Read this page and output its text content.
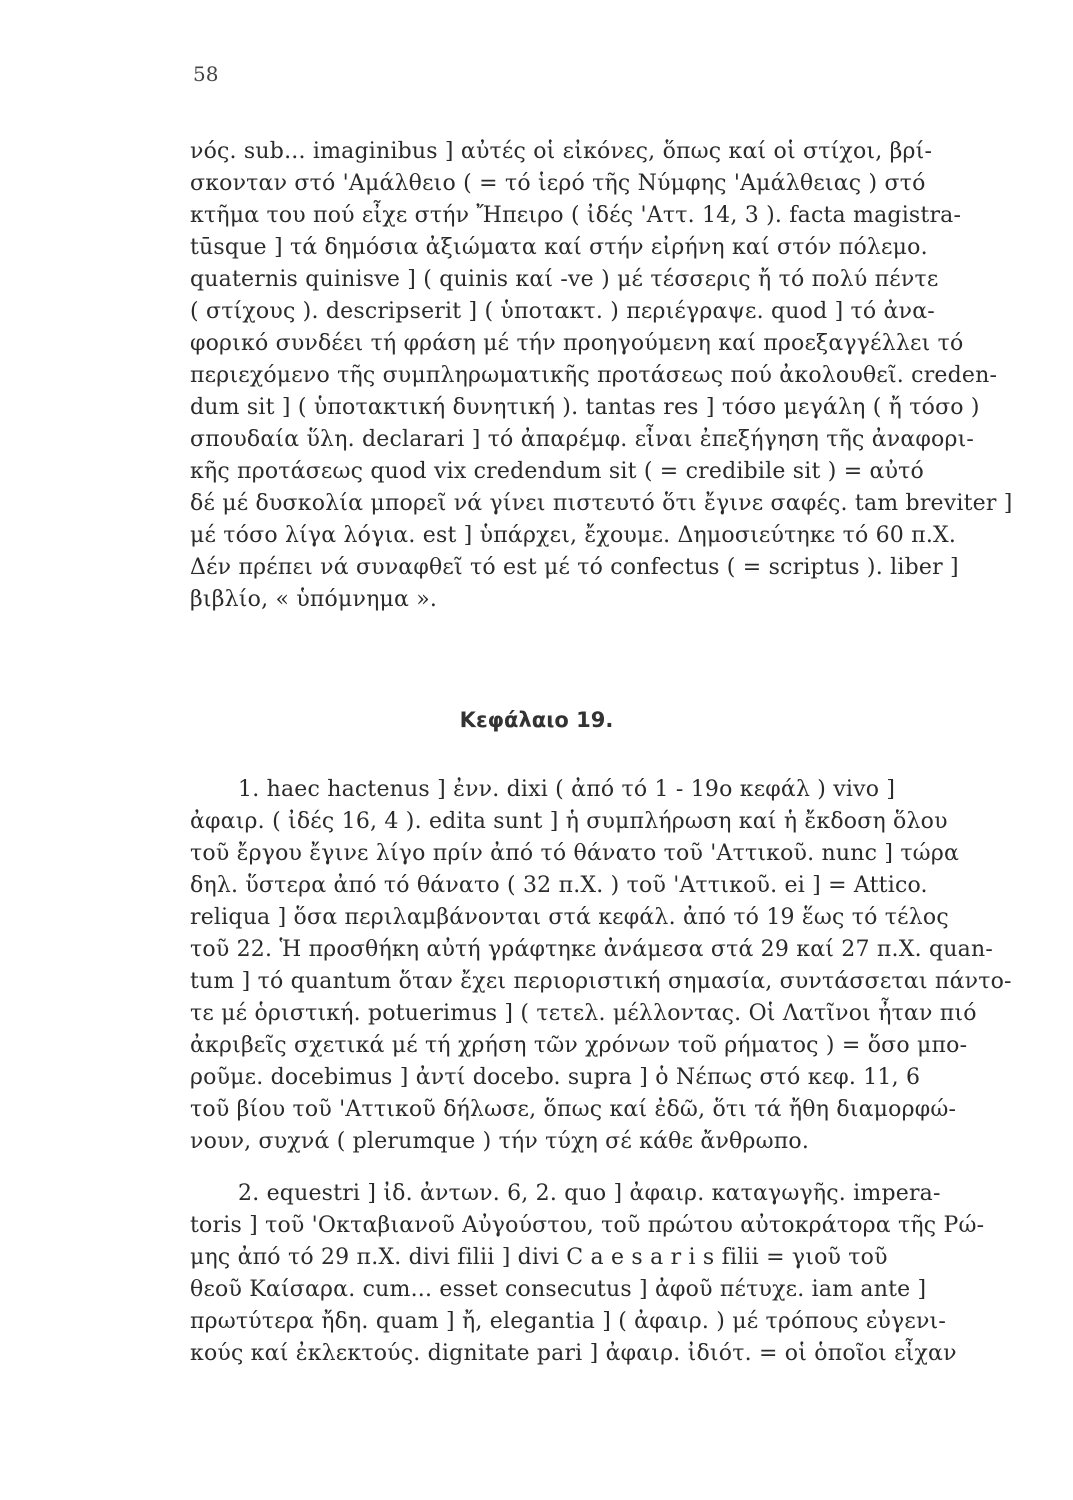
58
νός. sub... imaginibus ] αὐτές οἱ εἰκόνες, ὅπως καί οἱ στίχοι, βρί-
σκονταν στό 'Αμάλθειο ( = τό ἱερό τῆς Νύμφης 'Αμάλθειας ) στό
κτῆμα του πού εἶχε στήν Ἤπειρο ( ἰδές 'Αττ. 14, 3 ). facta magistra-
tūsque ] τά δημόσια ἀξιώματα καί στήν εἰρήνη καί στόν πόλεμο.
quaternis quinisve ] ( quinis καί -ve ) μέ τέσσερις ἤ τό πολύ πέντε
( στίχους ). descripserit ] ( ὑποτακτ. ) περιέγραψε. quod ] τό ἀνα-
φορικό συνδέει τή φράση μέ τήν προηγούμενη καί προεξαγγέλλει τό
περιεχόμενο τῆς συμπληρωματικῆς προτάσεως πού ἀκολουθεῖ. creden-
dum sit ] ( ὑποτακτική δυνητική ). tantas res ] τόσο μεγάλη ( ἤ τόσο )
σπουδαία ὕλη. declarari ] τό ἀπαρέμφ. εἶναι ἐπεξήγηση τῆς ἀναφορι-
κῆς προτάσεως quod vix credendum sit ( = credibile sit ) = αὐτό
δέ μέ δυσκολία μπορεῖ νά γίνει πιστευτό ὅτι ἔγινε σαφές. tam breviter ]
μέ τόσο λίγα λόγια. est ] ὑπάρχει, ἔχουμε. Δημοσιεύτηκε τό 60 π.Χ.
Δέν πρέπει νά συναφθεῖ τό est μέ τό confectus ( = scriptus ). liber ]
βιβλίο, « ὑπόμνημα ».
Κεφάλαιο 19.
1. haec hactenus ] ἐνν. dixi ( ἀπό τό 1 - 19ο κεφάλ ) vivo ]
ἀφαιρ. ( ἰδές 16, 4 ). edita sunt ] ἡ συμπλήρωση καί ἡ ἔκδοση ὅλου
τοῦ ἔργου ἔγινε λίγο πρίν ἀπό τό θάνατο τοῦ 'Αττικοῦ. nunc ] τώρα
δηλ. ὕστερα ἀπό τό θάνατο ( 32 π.Χ. ) τοῦ 'Αττικοῦ. ei ] = Attico.
reliqua ] ὅσα περιλαμβάνονται στά κεφάλ. ἀπό τό 19 ἕως τό τέλος
τοῦ 22. Ἡ προσθήκη αὐτή γράφτηκε ἀνάμεσα στά 29 καί 27 π.Χ. quan-
tum ] τό quantum ὅταν ἔχει περιοριστική σημασία, συντάσσεται πάντο-
τε μέ ὁριστική. potuerimus ] ( τετελ. μέλλοντας. Οἱ Λατῖνοι ἦταν πιό
ἀκριβεῖς σχετικά μέ τή χρήση τῶν χρόνων τοῦ ρήματος ) = ὅσο μπο-
ροῦμε. docebimus ] ἀντί docebo. supra ] ὁ Νέπως στό κεφ. 11, 6
τοῦ βίου τοῦ 'Αττικοῦ δήλωσε, ὅπως καί ἐδῶ, ὅτι τά ἤθη διαμορφώ-
νουν, συχνά ( plerumque ) τήν τύχη σέ κάθε ἄνθρωπο.
2. equestri ] ἰδ. ἀντων. 6, 2. quo ] ἀφαιρ. καταγωγῆς. impera-
toris ] τοῦ 'Οκταβιανοῦ Αὐγούστου, τοῦ πρώτου αὐτοκράτορα τῆς Ρώ-
μης ἀπό τό 29 π.Χ. divi filii ] divi C a e s a r i s filii = γιοῦ τοῦ
θεοῦ Καίσαρα. cum... esset consecutus ] ἀφοῦ πέτυχε. iam ante ]
πρωτύτερα ἤδη. quam ] ἤ, elegantia ] ( ἀφαιρ. ) μέ τρόπους εὐγενι-
κούς καί ἐκλεκτούς. dignitate pari ] ἀφαιρ. ἰδιότ. = οἱ ὁποῖοι εἶχαν
